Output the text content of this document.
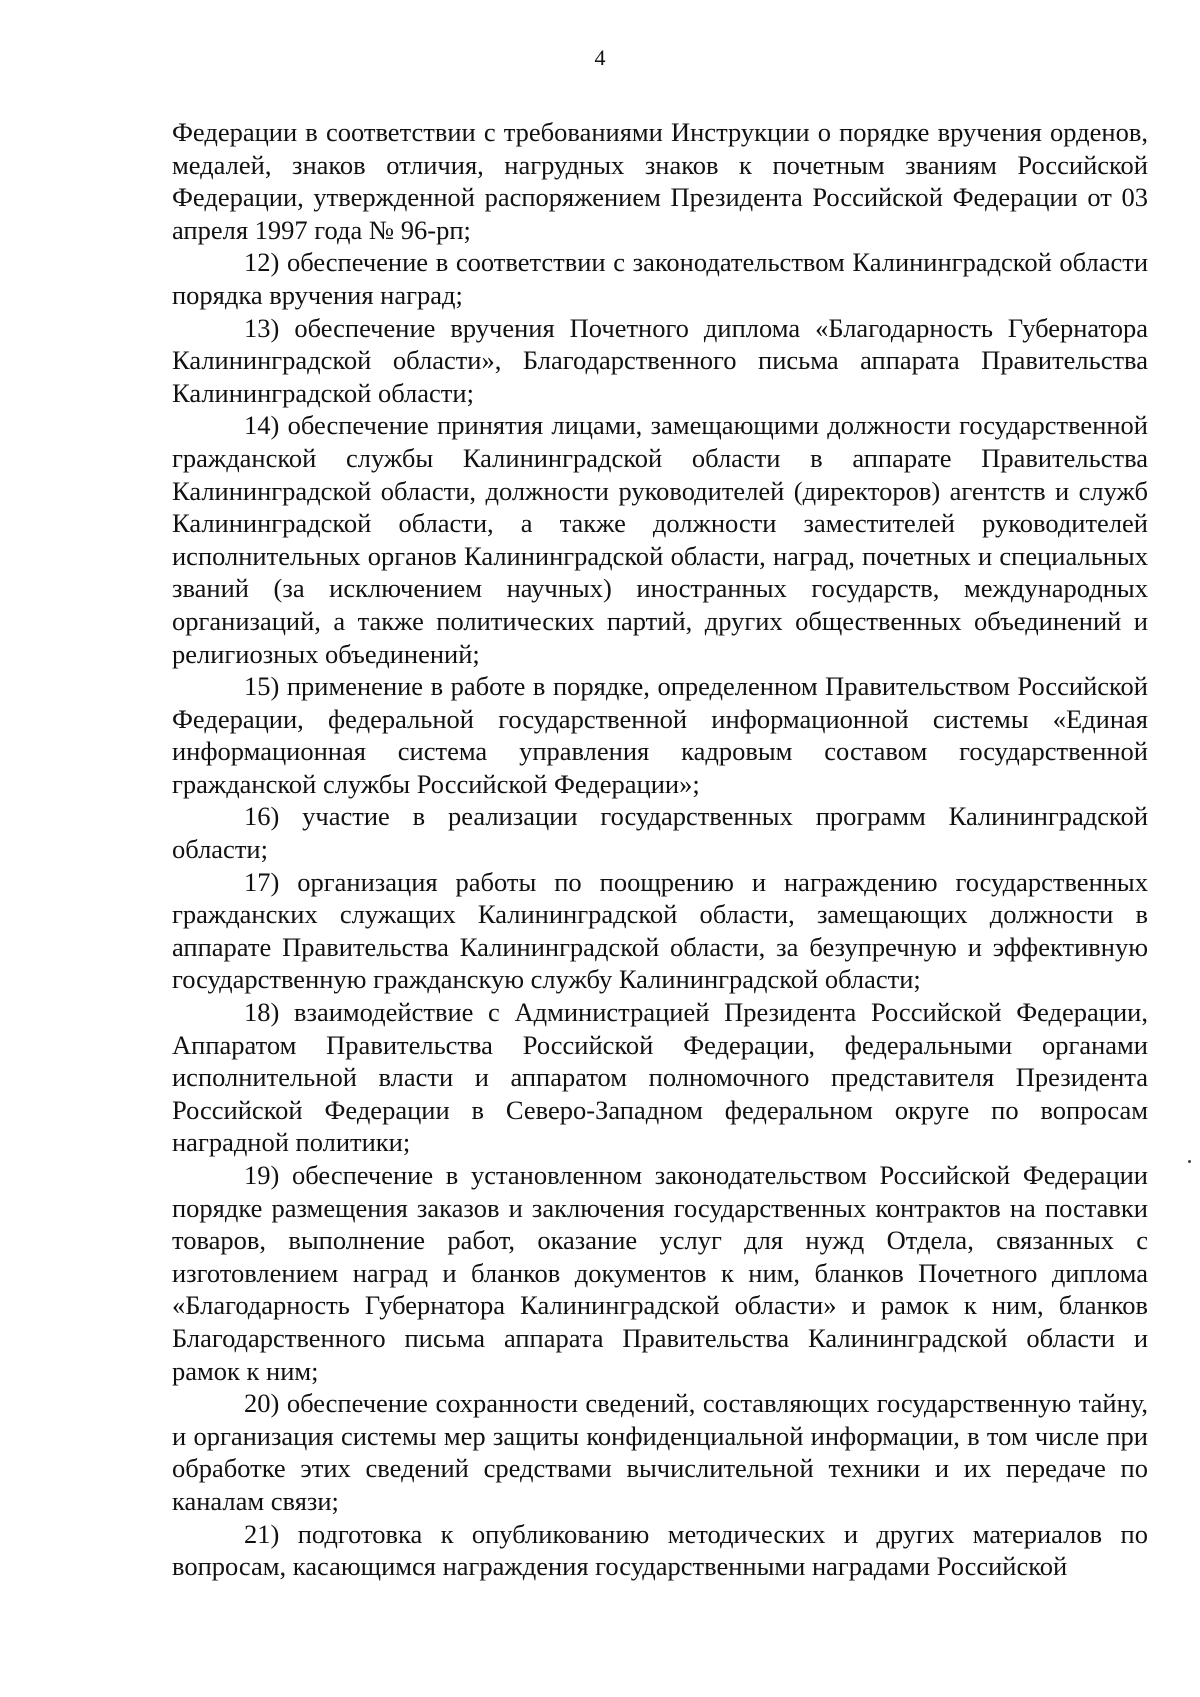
4

Федерации в соответствии с требованиями Инструкции о порядке вручения орденов, медалей, знаков отличия, нагрудных знаков к почетным званиям Российской Федерации, утвержденной распоряжением Президента Российской Федерации от 03 апреля 1997 года № 96-рп;

12) обеспечение в соответствии с законодательством Калининградской области порядка вручения наград;

13) обеспечение вручения Почетного диплома «Благодарность Губернатора Калининградской области», Благодарственного письма аппарата Правительства Калининградской области;

14) обеспечение принятия лицами, замещающими должности государственной гражданской службы Калининградской области в аппарате Правительства Калининградской области, должности руководителей (директоров) агентств и служб Калининградской области, а также должности заместителей руководителей исполнительных органов Калининградской области, наград, почетных и специальных званий (за исключением научных) иностранных государств, международных организаций, а также политических партий, других общественных объединений и религиозных объединений;

15) применение в работе в порядке, определенном Правительством Российской Федерации, федеральной государственной информационной системы «Единая информационная система управления кадровым составом государственной гражданской службы Российской Федерации»;

16) участие в реализации государственных программ Калининградской области;

17) организация работы по поощрению и награждению государственных гражданских служащих Калининградской области, замещающих должности в аппарате Правительства Калининградской области, за безупречную и эффективную государственную гражданскую службу Калининградской области;

18) взаимодействие с Администрацией Президента Российской Федерации, Аппаратом Правительства Российской Федерации, федеральными органами исполнительной власти и аппаратом полномочного представителя Президента Российской Федерации в Северо-Западном федеральном округе по вопросам наградной политики;

19) обеспечение в установленном законодательством Российской Федерации порядке размещения заказов и заключения государственных контрактов на поставки товаров, выполнение работ, оказание услуг для нужд Отдела, связанных с изготовлением наград и бланков документов к ним, бланков Почетного диплома «Благодарность Губернатора Калининградской области» и рамок к ним, бланков Благодарственного письма аппарата Правительства Калининградской области и рамок к ним;

20) обеспечение сохранности сведений, составляющих государственную тайну, и организация системы мер защиты конфиденциальной информации, в том числе при обработке этих сведений средствами вычислительной техники и их передаче по каналам связи;

21) подготовка к опубликованию методических и других материалов по вопросам, касающимся награждения государственными наградами Российской
